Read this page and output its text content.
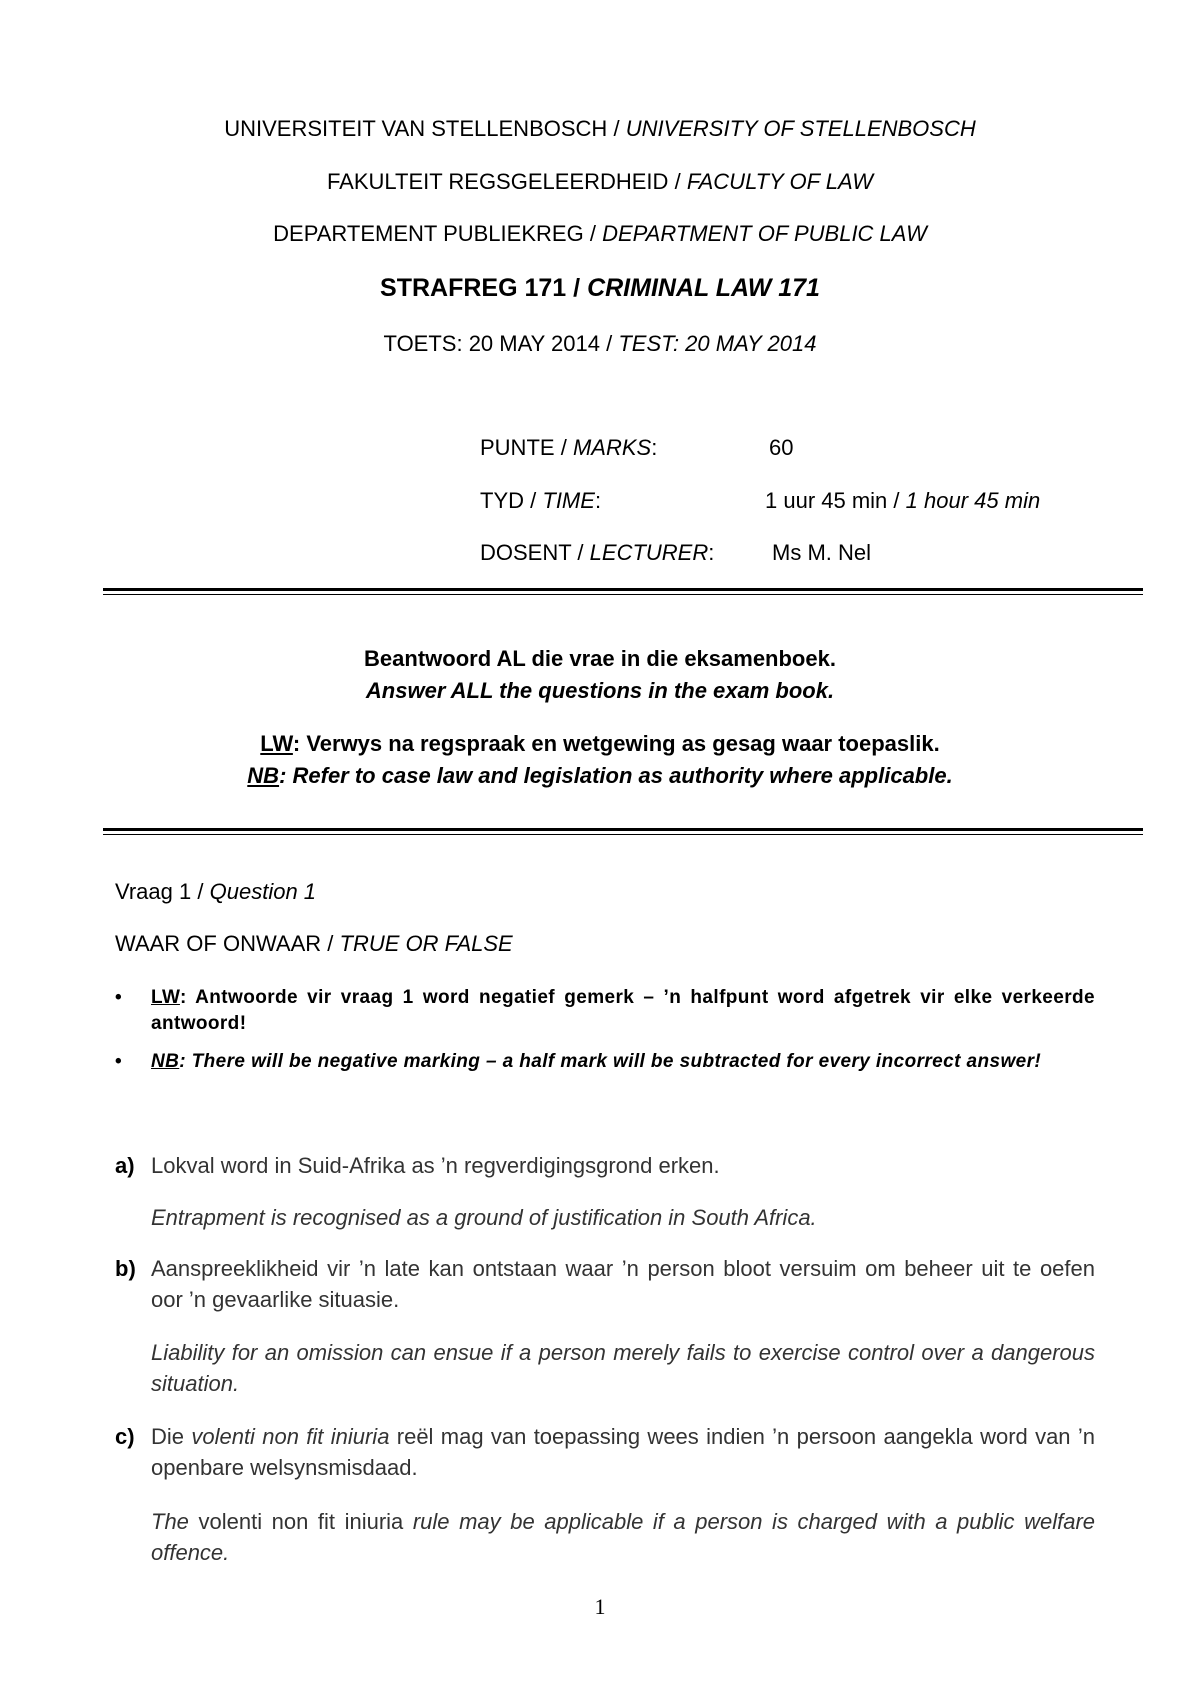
UNIVERSITEIT VAN STELLENBOSCH / UNIVERSITY OF STELLENBOSCH
FAKULTEIT REGSGELEERDHEID / FACULTY OF LAW
DEPARTEMENT PUBLIEKREG / DEPARTMENT OF PUBLIC LAW
STRAFREG 171 / CRIMINAL LAW 171
TOETS: 20 MAY 2014 / TEST: 20 MAY 2014
PUNTE / MARKS:	60
TYD / TIME:	1 uur 45 min / 1 hour 45 min
DOSENT / LECTURER:	Ms M. Nel
Beantwoord AL die vrae in die eksamenboek.
Answer ALL the questions in the exam book.
LW: Verwys na regspraak en wetgewing as gesag waar toepaslik.
NB: Refer to case law and legislation as authority where applicable.
Vraag 1 / Question 1
WAAR OF ONWAAR / TRUE OR FALSE
• LW: Antwoorde vir vraag 1 word negatief gemerk – ’n halfpunt word afgetrek vir elke verkeerde antwoord!
• NB: There will be negative marking – a half mark will be subtracted for every incorrect answer!
a) Lokval word in Suid-Afrika as ’n regverdigingsgrond erken.
Entrapment is recognised as a ground of justification in South Africa.
b) Aanspreeklikheid vir ’n late kan ontstaan waar ’n person bloot versuim om beheer uit te oefen oor ’n gevaarlike situasie.
Liability for an omission can ensue if a person merely fails to exercise control over a dangerous situation.
c) Die volenti non fit iniuria reël mag van toepassing wees indien ’n persoon aangekla word van ’n openbare welsynsmisdaad.
The volenti non fit iniuria rule may be applicable if a person is charged with a public welfare offence.
1
